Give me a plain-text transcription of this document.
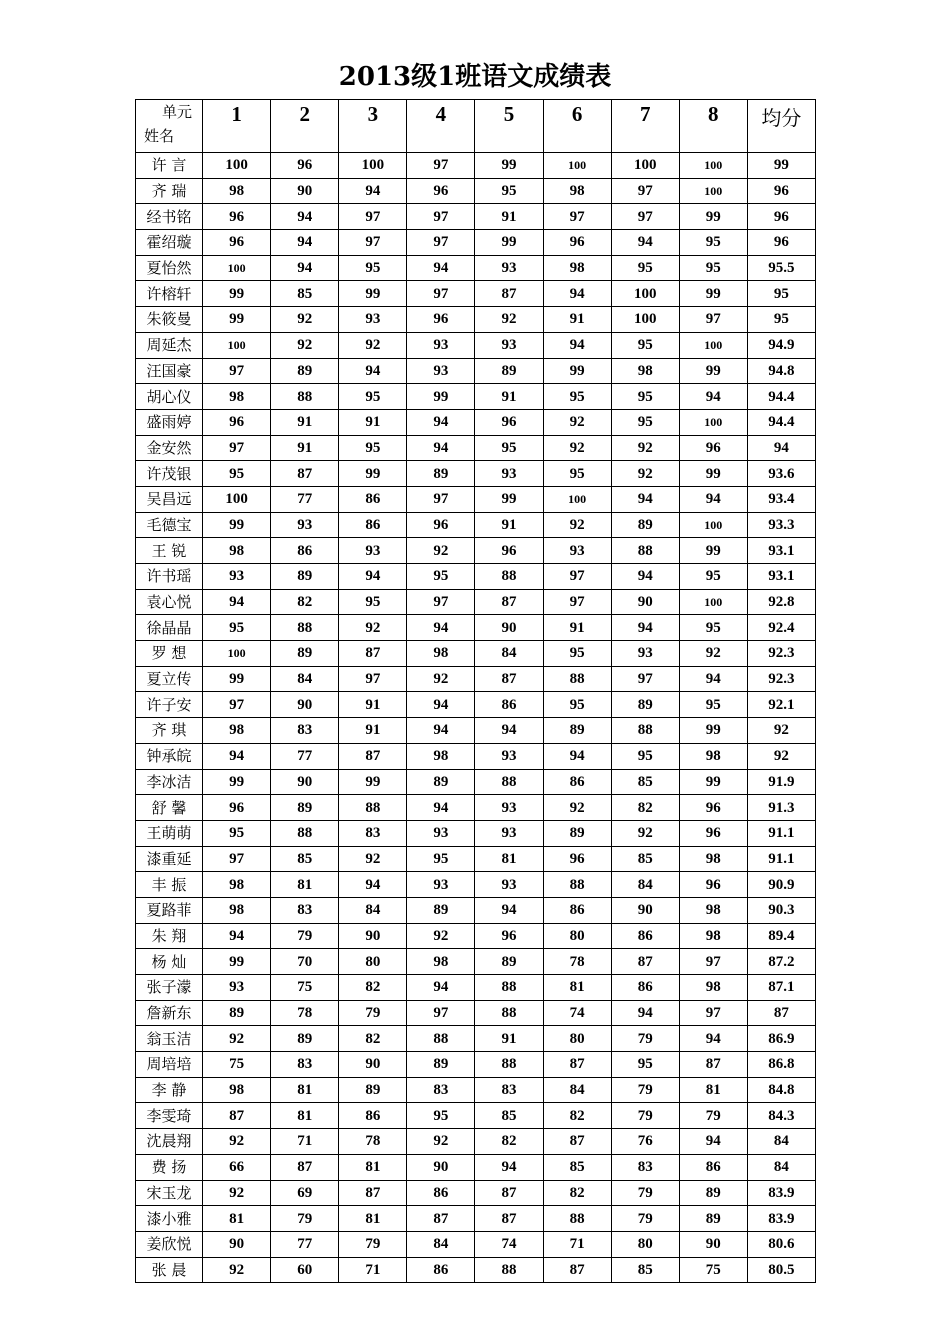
2013级1班语文成绩表
单元
姓名	1	2	3	4	5	6	7	8	均分
许 言	100	96	100	97	99	100	100	100	99
齐 瑞	98	90	94	96	95	98	97	100	96
经书铭	96	94	97	97	91	97	97	99	96
霍绍璇	96	94	97	97	99	96	94	95	96
夏怡然	100	94	95	94	93	98	95	95	95.5
许榕轩	99	85	99	97	87	94	100	99	95
朱筱曼	99	92	93	96	92	91	100	97	95
周延杰	100	92	92	93	93	94	95	100	94.9
汪国豪	97	89	94	93	89	99	98	99	94.8
胡心仪	98	88	95	99	91	95	95	94	94.4
盛雨婷	96	91	91	94	96	92	95	100	94.4
金安然	97	91	95	94	95	92	92	96	94
许茂银	95	87	99	89	93	95	92	99	93.6
吴昌远	100	77	86	97	99	100	94	94	93.4
毛德宝	99	93	86	96	91	92	89	100	93.3
王 锐	98	86	93	92	96	93	88	99	93.1
许书瑶	93	89	94	95	88	97	94	95	93.1
袁心悦	94	82	95	97	87	97	90	100	92.8
徐晶晶	95	88	92	94	90	91	94	95	92.4
罗 想	100	89	87	98	84	95	93	92	92.3
夏立传	99	84	97	92	87	88	97	94	92.3
许子安	97	90	91	94	86	95	89	95	92.1
齐 琪	98	83	91	94	94	89	88	99	92
钟承皖	94	77	87	98	93	94	95	98	92
李冰洁	99	90	99	89	88	86	85	99	91.9
舒 馨	96	89	88	94	93	92	82	96	91.3
王萌萌	95	88	83	93	93	89	92	96	91.1
漆重延	97	85	92	95	81	96	85	98	91.1
丰 振	98	81	94	93	93	88	84	96	90.9
夏路菲	98	83	84	89	94	86	90	98	90.3
朱 翔	94	79	90	92	96	80	86	98	89.4
杨 灿	99	70	80	98	89	78	87	97	87.2
张子濛	93	75	82	94	88	81	86	98	87.1
詹新东	89	78	79	97	88	74	94	97	87
翁玉洁	92	89	82	88	91	80	79	94	86.9
周培培	75	83	90	89	88	87	95	87	86.8
李 静	98	81	89	83	83	84	79	81	84.8
李雯琦	87	81	86	95	85	82	79	79	84.3
沈晨翔	92	71	78	92	82	87	76	94	84
费 扬	66	87	81	90	94	85	83	86	84
宋玉龙	92	69	87	86	87	82	79	89	83.9
漆小雅	81	79	81	87	87	88	79	89	83.9
姜欣悦	90	77	79	84	74	71	80	90	80.6
张 晨	92	60	71	86	88	87	85	75	80.5
